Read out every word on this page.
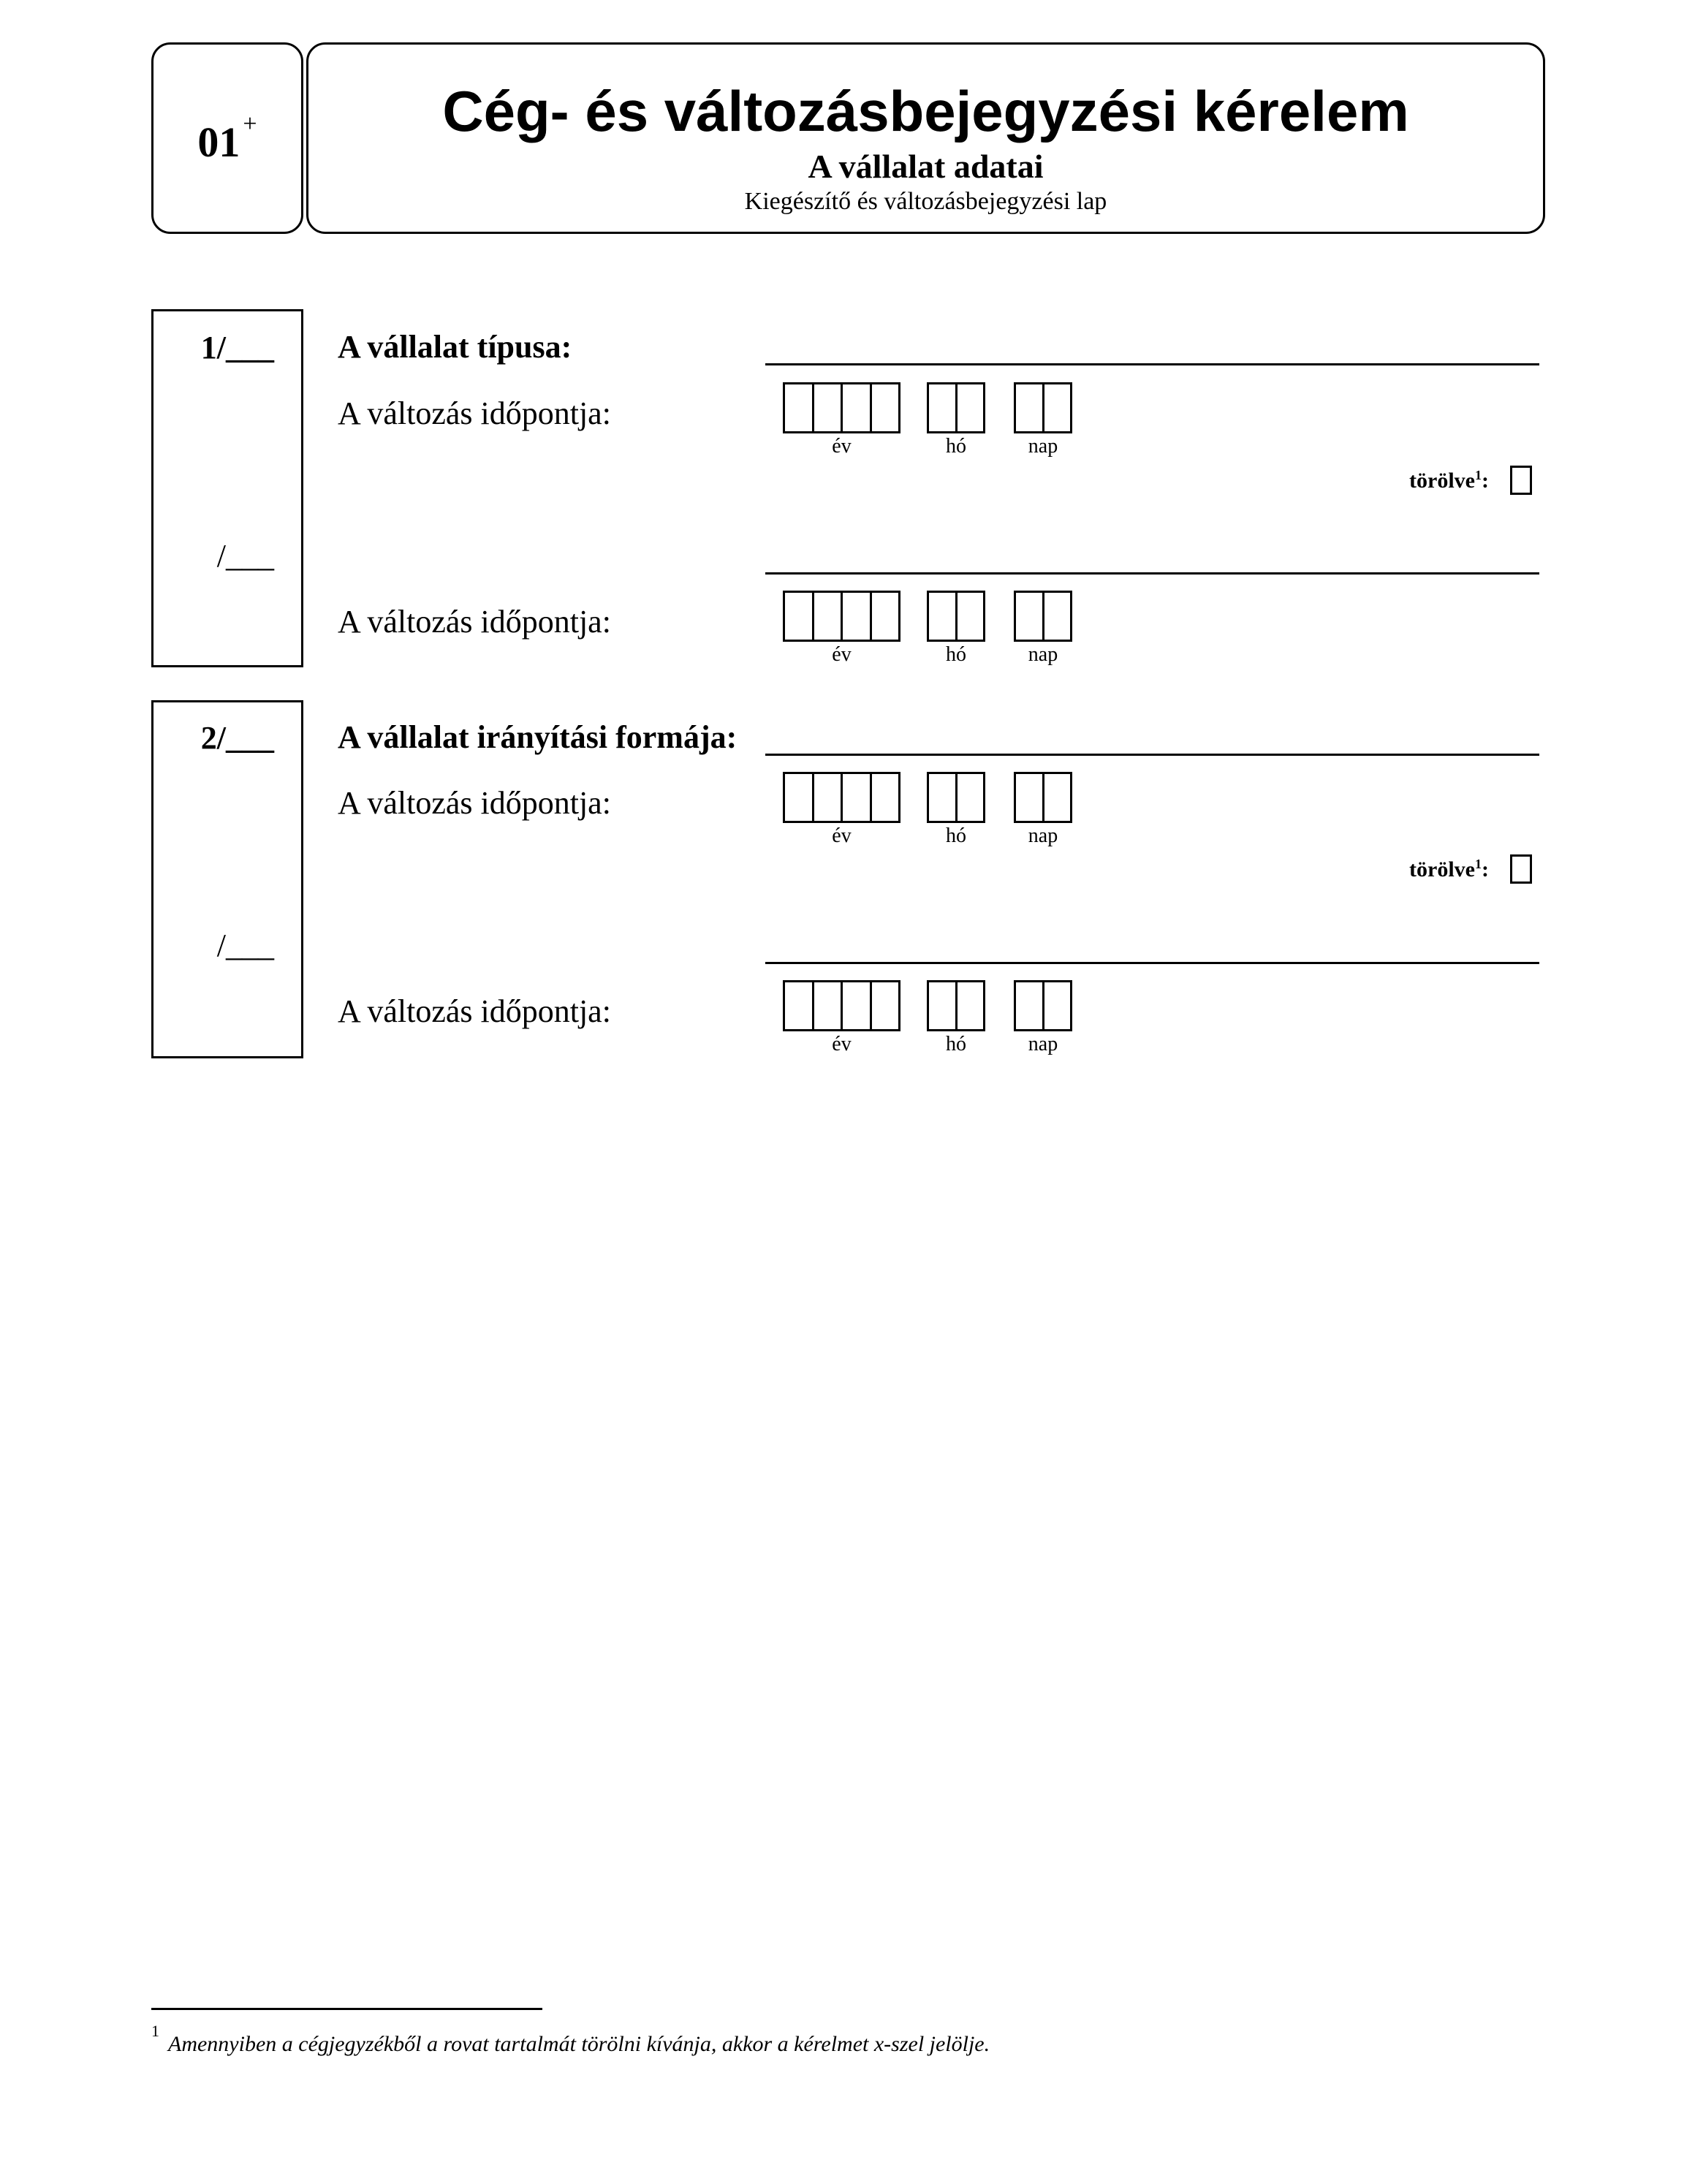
01 +	Cég- és változásbejegyzési kérelem
A vállalat adatai
Kiegészítő és változásbejegyzési lap
1/___
/___
A vállalat típusa:
A változás időpontja:
év	hó	nap
törölve$^1$:
A változás időpontja:
év	hó	nap
2/___
/___
A vállalat irányítási formája:
A változás időpontja:
év	hó	nap
törölve$^1$:
A változás időpontja:
év	hó	nap
1
Amennyiben a cégjegyzékből a rovat tartalmát törölni kívánja, akkor a kérelmet x-szel jelölje.
